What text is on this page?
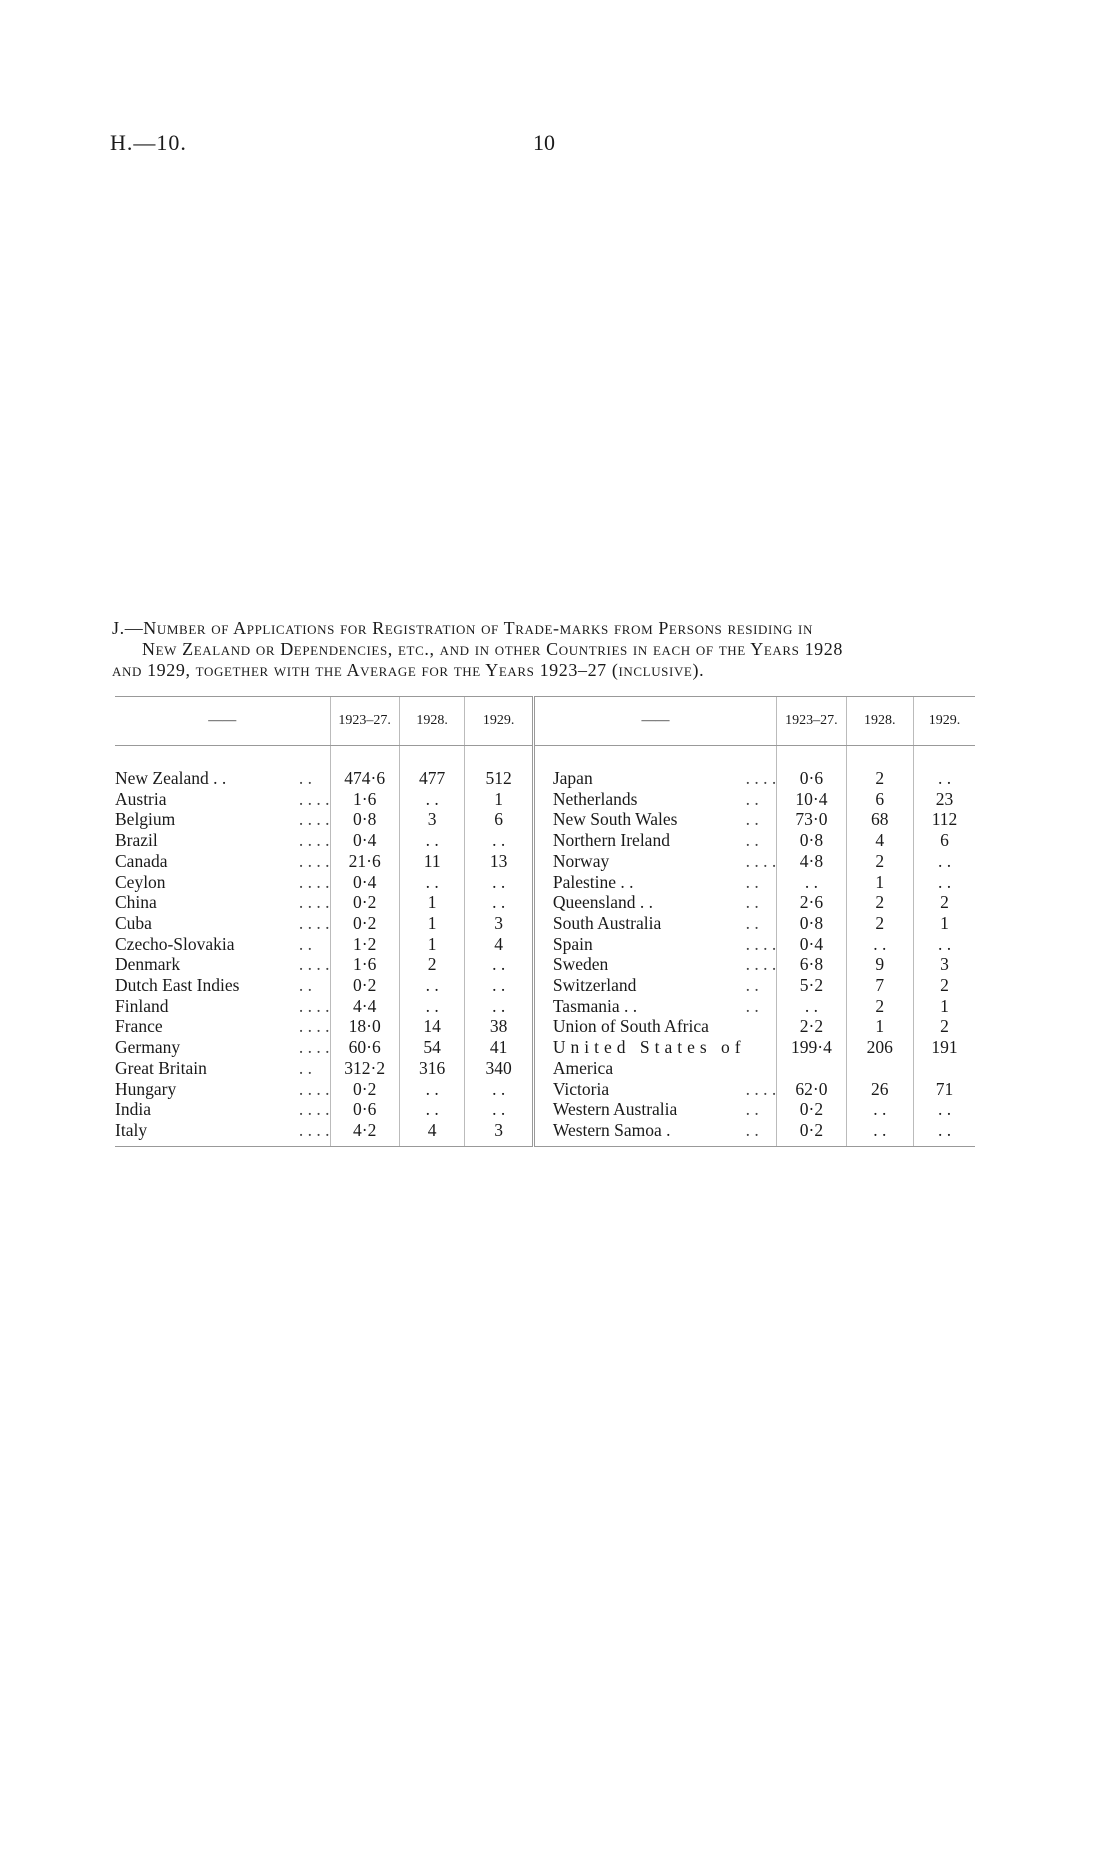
H.—10.	10
J.—Number of Applications for Registration of Trade-marks from Persons residing in
New Zealand or Dependencies, etc., and in other Countries in each of the Years 1928
and 1929, together with the Average for the Years 1923–27 (inclusive).
——		1923–27.	1928.	1929.	——		1923–27.	1928.	1929.

New Zealand . .	. .	474·6	477	512	Japan	. . . .	0·6	2	. .
Austria	. . . .	1·6	. .	1	Netherlands	. .	10·4	6	23
Belgium	. . . .	0·8	3	6	New South Wales	. .	73·0	68	112
Brazil	. . . .	0·4	. .	. .	Northern Ireland	. .	0·8	4	6
Canada	. . . .	21·6	11	13	Norway	. . . .	4·8	2	. .
Ceylon	. . . .	0·4	. .	. .	Palestine . .	. .	. .	1	. .
China	. . . .	0·2	1	. .	Queensland . .	. .	2·6	2	2
Cuba	. . . .	0·2	1	3	South Australia	. .	0·8	2	1
Czecho-Slovakia	. .	1·2	1	4	Spain	. . . .	0·4	. .	. .
Denmark	. . . .	1·6	2	. .	Sweden	. . . .	6·8	9	3
Dutch East Indies	. .	0·2	. .	. .	Switzerland	. .	5·2	7	2
Finland	. . . .	4·4	. .	. .	Tasmania . .	. .	. .	2	1
France	. . . .	18·0	14	38	Union of South Africa		2·2	1	2
Germany	. . . .	60·6	54	41	United States of		199·4	206	191
Great Britain	. .	312·2	316	340	America				
Hungary	. . . .	0·2	. .	. .	Victoria	. . . .	62·0	26	71
India	. . . .	0·6	. .	. .	Western Australia	. .	0·2	. .	. .
Italy	. . . .	4·2	4	3	Western Samoa .	. .	0·2	. .	. .
